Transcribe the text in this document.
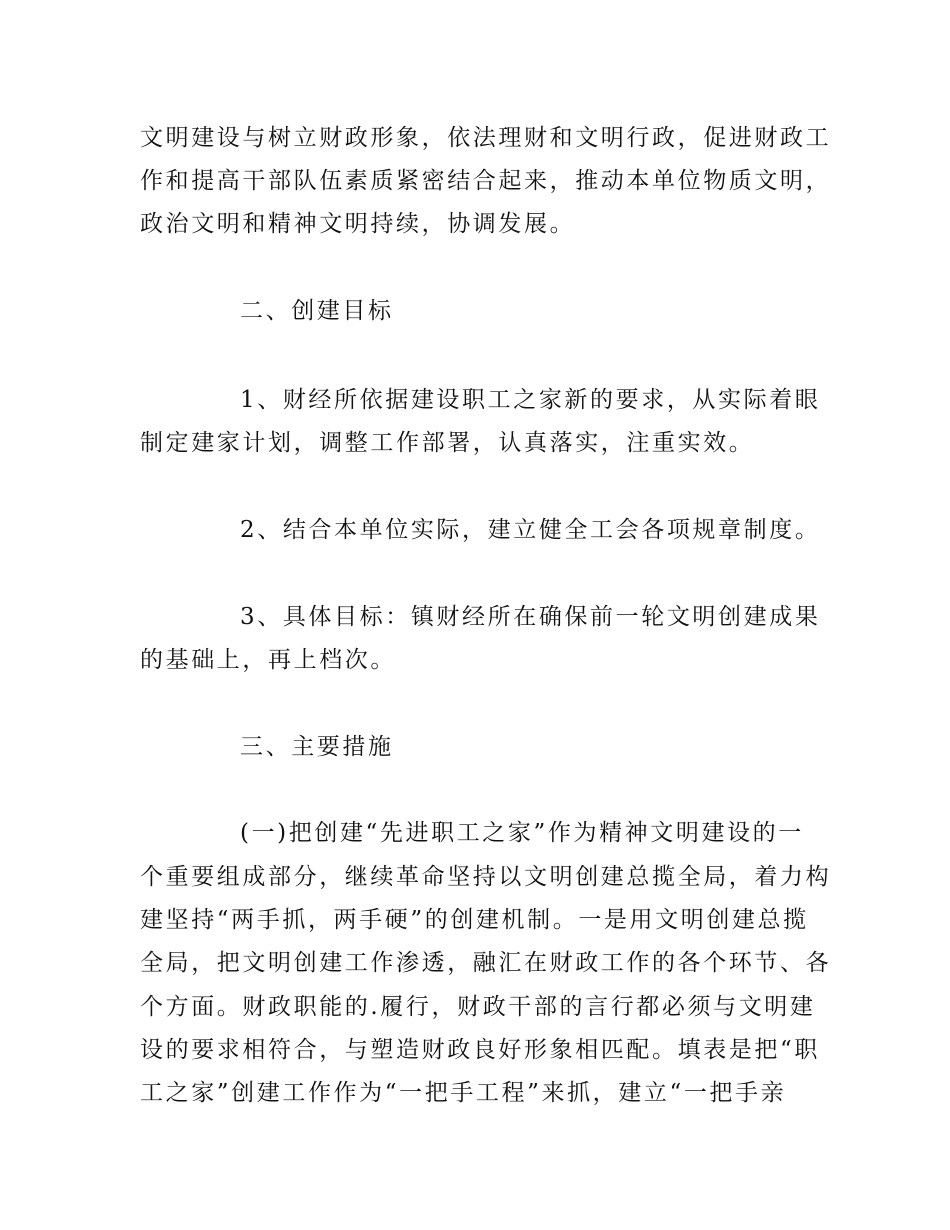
文明建设与树立财政形象，依法理财和文明行政，促进财政工
作和提高干部队伍素质紧密结合起来，推动本单位物质文明，
政治文明和精神文明持续，协调发展。
二、创建目标
1、财经所依据建设职工之家新的要求，从实际着眼
制定建家计划，调整工作部署，认真落实，注重实效。
2、结合本单位实际，建立健全工会各项规章制度。
3、具体目标：镇财经所在确保前一轮文明创建成果
的基础上，再上档次。
三、主要措施
(一)把创建“先进职工之家”作为精神文明建设的一
个重要组成部分，继续革命坚持以文明创建总揽全局，着力构
建坚持“两手抓，两手硬”的创建机制。一是用文明创建总揽
全局，把文明创建工作渗透，融汇在财政工作的各个环节、各
个方面。财政职能的.履行，财政干部的言行都必须与文明建
设的要求相符合，与塑造财政良好形象相匹配。填表是把“职
工之家”创建工作作为“一把手工程”来抓，建立“一把手亲
